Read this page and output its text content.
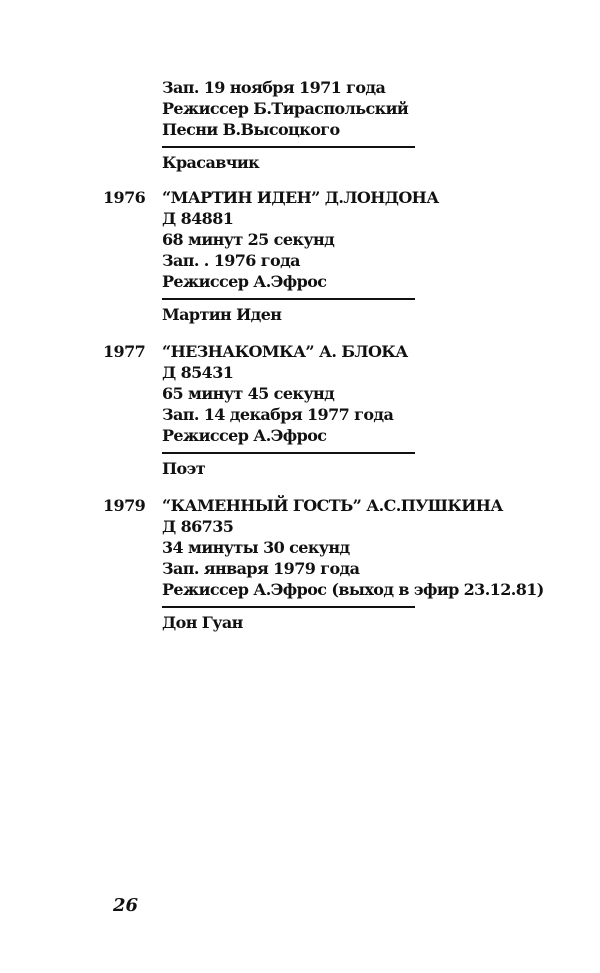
Зап. 19 ноября 1971 года
Режиссер Б.Тираспольский
Песни В.Высоцкого
Красавчик
1976 “МАРТИН ИДЕН” Д.ЛОНДОНА
Д 84881
68 минут 25 секунд
Зап. . 1976 года
Режиссер А.Эфрос
Мартин Иден
1977 “НЕЗНАКОМКА” А. БЛОКА
Д 85431
65 минут 45 секунд
Зап. 14 декабря 1977 года
Режиссер А.Эфрос
Поэт
1979 “КАМЕННЫЙ ГОСТЬ” А.С.ПУШКИНА
Д 86735
34 минуты 30 секунд
Зап. января 1979 года
Режиссер А.Эфрос (выход в эфир 23.12.81)
Дон Гуан
26
